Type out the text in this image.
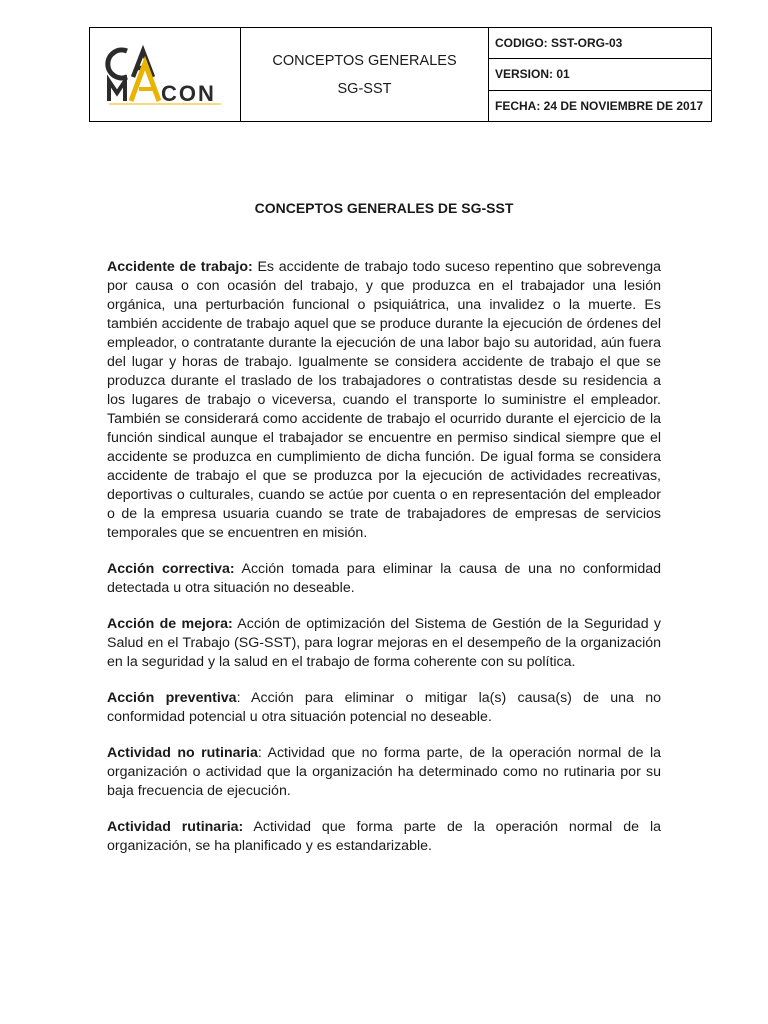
CON
CONCEPTOS GENERALES
SG-SST
CODIGO: SST-ORG-03
VERSION: 01
FECHA: 24 DE NOVIEMBRE DE 2017
CONCEPTOS GENERALES DE SG-SST

Accidente de trabajo: Es accidente de trabajo todo suceso repentino que sobrevenga por causa o con ocasión del trabajo, y que produzca en el trabajador una lesión orgánica, una perturbación funcional o psiquiátrica, una invalidez o la muerte. Es también accidente de trabajo aquel que se produce durante la ejecución de órdenes del empleador, o contratante durante la ejecución de una labor bajo su autoridad, aún fuera del lugar y horas de trabajo. Igualmente se considera accidente de trabajo el que se produzca durante el traslado de los trabajadores o contratistas desde su residencia a los lugares de trabajo o viceversa, cuando el transporte lo suministre el empleador. También se considerará como accidente de trabajo el ocurrido durante el ejercicio de la función sindical aunque el trabajador se encuentre en permiso sindical siempre que el accidente se produzca en cumplimiento de dicha función. De igual forma se considera accidente de trabajo el que se produzca por la ejecución de actividades recreativas, deportivas o culturales, cuando se actúe por cuenta o en representación del empleador o de la empresa usuaria cuando se trate de trabajadores de empresas de servicios temporales que se encuentren en misión.

Acción correctiva: Acción tomada para eliminar la causa de una no conformidad detectada u otra situación no deseable.

Acción de mejora: Acción de optimización del Sistema de Gestión de la Seguridad y Salud en el Trabajo (SG-SST), para lograr mejoras en el desempeño de la organización en la seguridad y la salud en el trabajo de forma coherente con su política.

Acción preventiva: Acción para eliminar o mitigar la(s) causa(s) de una no conformidad potencial u otra situación potencial no deseable.

Actividad no rutinaria: Actividad que no forma parte, de la operación normal de la organización o actividad que la organización ha determinado como no rutinaria por su baja frecuencia de ejecución.

Actividad rutinaria: Actividad que forma parte de la operación normal de la organización, se ha planificado y es estandarizable.
